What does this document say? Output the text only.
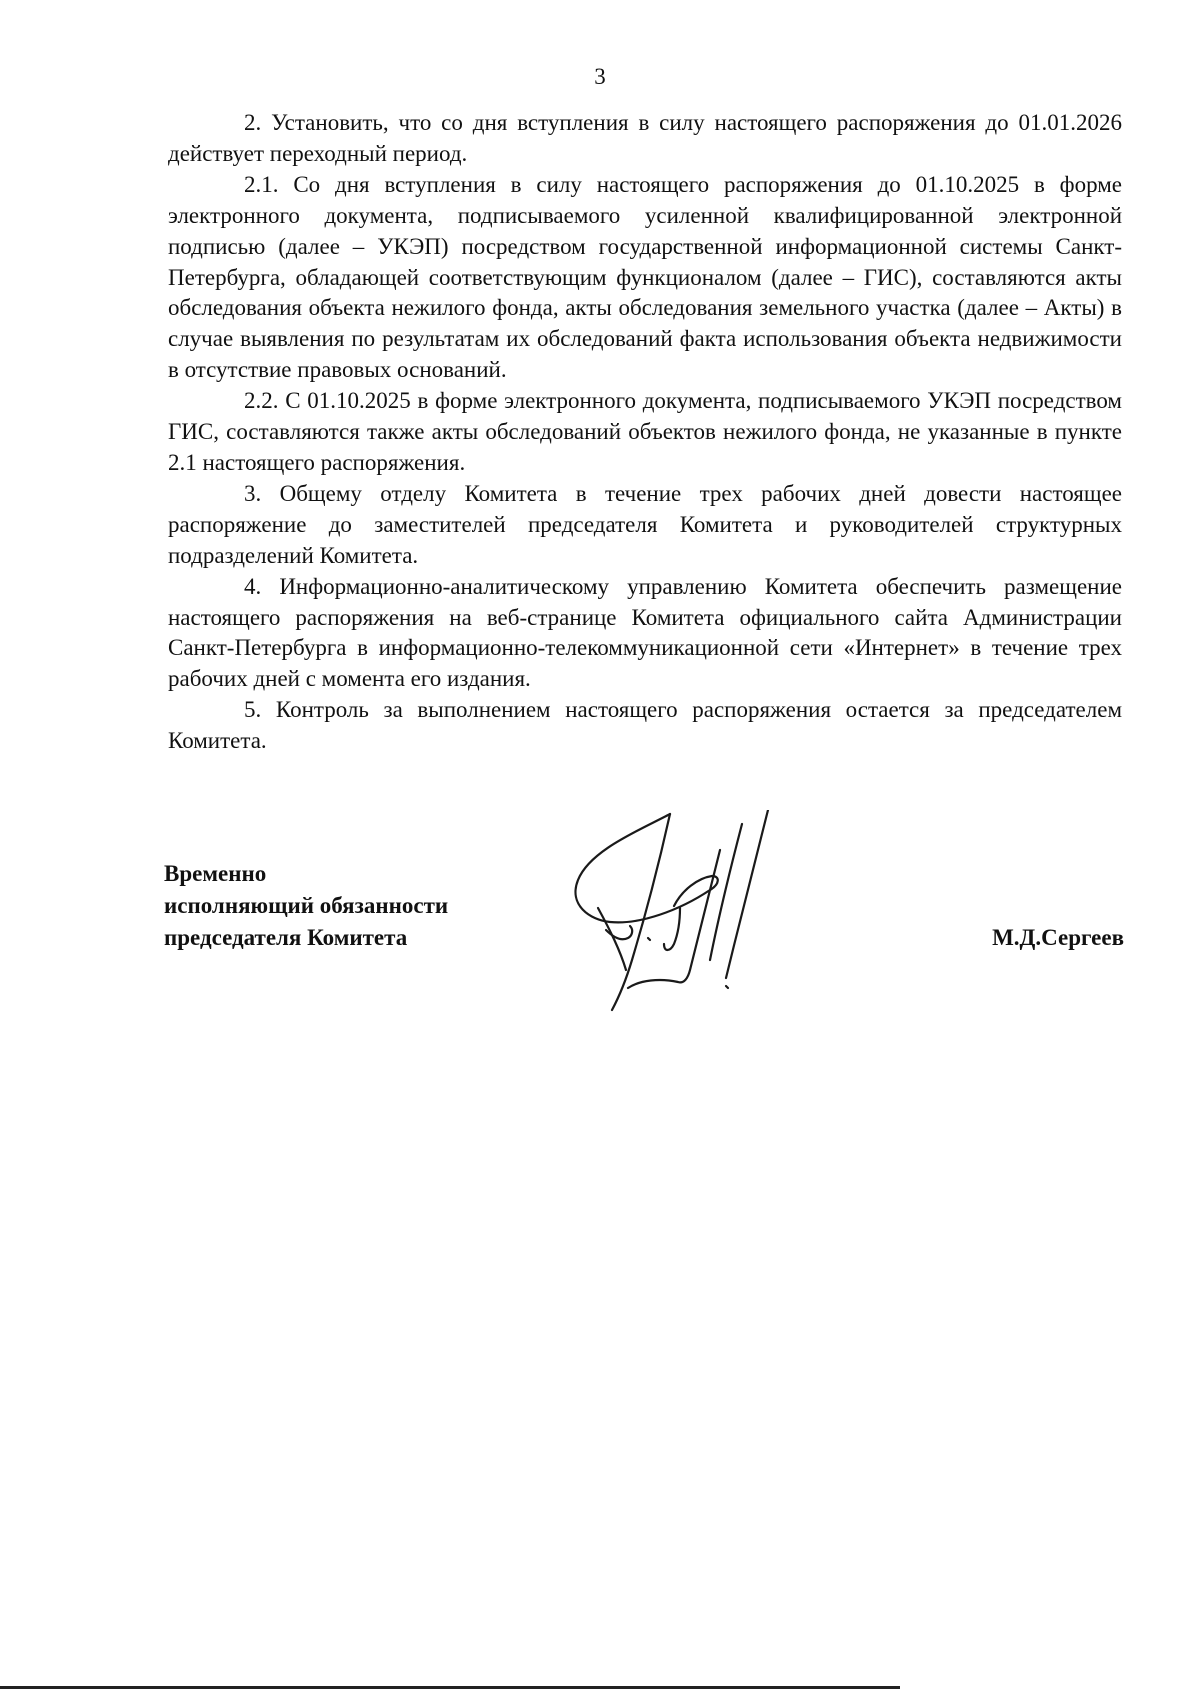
3

2. Установить, что со дня вступления в силу настоящего распоряжения до 01.01.2026 действует переходный период.

2.1. Со дня вступления в силу настоящего распоряжения до 01.10.2025 в форме электронного документа, подписываемого усиленной квалифицированной электронной подписью (далее – УКЭП) посредством государственной информационной системы Санкт-Петербурга, обладающей соответствующим функционалом (далее – ГИС), составляются акты обследования объекта нежилого фонда, акты обследования земельного участка (далее – Акты) в случае выявления по результатам их обследований факта использования объекта недвижимости в отсутствие правовых оснований.

2.2. С 01.10.2025 в форме электронного документа, подписываемого УКЭП посредством ГИС, составляются также акты обследований объектов нежилого фонда, не указанные в пункте 2.1 настоящего распоряжения.

3. Общему отделу Комитета в течение трех рабочих дней довести настоящее распоряжение до заместителей председателя Комитета и руководителей структурных подразделений Комитета.

4. Информационно-аналитическому управлению Комитета обеспечить размещение настоящего распоряжения на веб-странице Комитета официального сайта Администрации Санкт-Петербурга в информационно-телекоммуникационной сети «Интернет» в течение трех рабочих дней с момента его издания.

5. Контроль за выполнением настоящего распоряжения остается за председателем Комитета.

Временно
исполняющий обязанности
председателя Комитета	М.Д.Сергеев
